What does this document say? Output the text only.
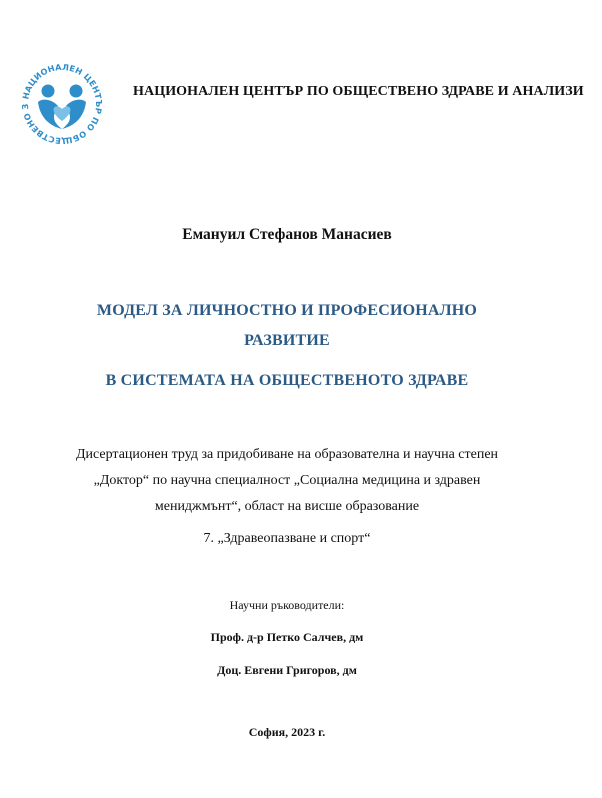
НАЦИОНАЛЕН ЦЕНТЪР ПО ОБЩЕСТВЕНО З
НАЦИОНАЛЕН ЦЕНТЪР ПО ОБЩЕСТВЕНО ЗДРАВЕ И АНАЛИЗИ
Емануил Стефанов Манасиев
МОДЕЛ ЗА ЛИЧНОСТНО И ПРОФЕСИОНАЛНО
РАЗВИТИЕ
В СИСТЕМАТА НА ОБЩЕСТВЕНОТО ЗДРАВЕ
Дисертационен труд за придобиване на образователна и научна степен
„Доктор“ по научна специалност „Социална медицина и здравен
мениджмънт“, област на висше образование
7. „Здравеопазване и спорт“
Научни ръководители:
Проф. д-р Петко Салчев, дм
Доц. Евгени Григоров, дм
София, 2023 г.
